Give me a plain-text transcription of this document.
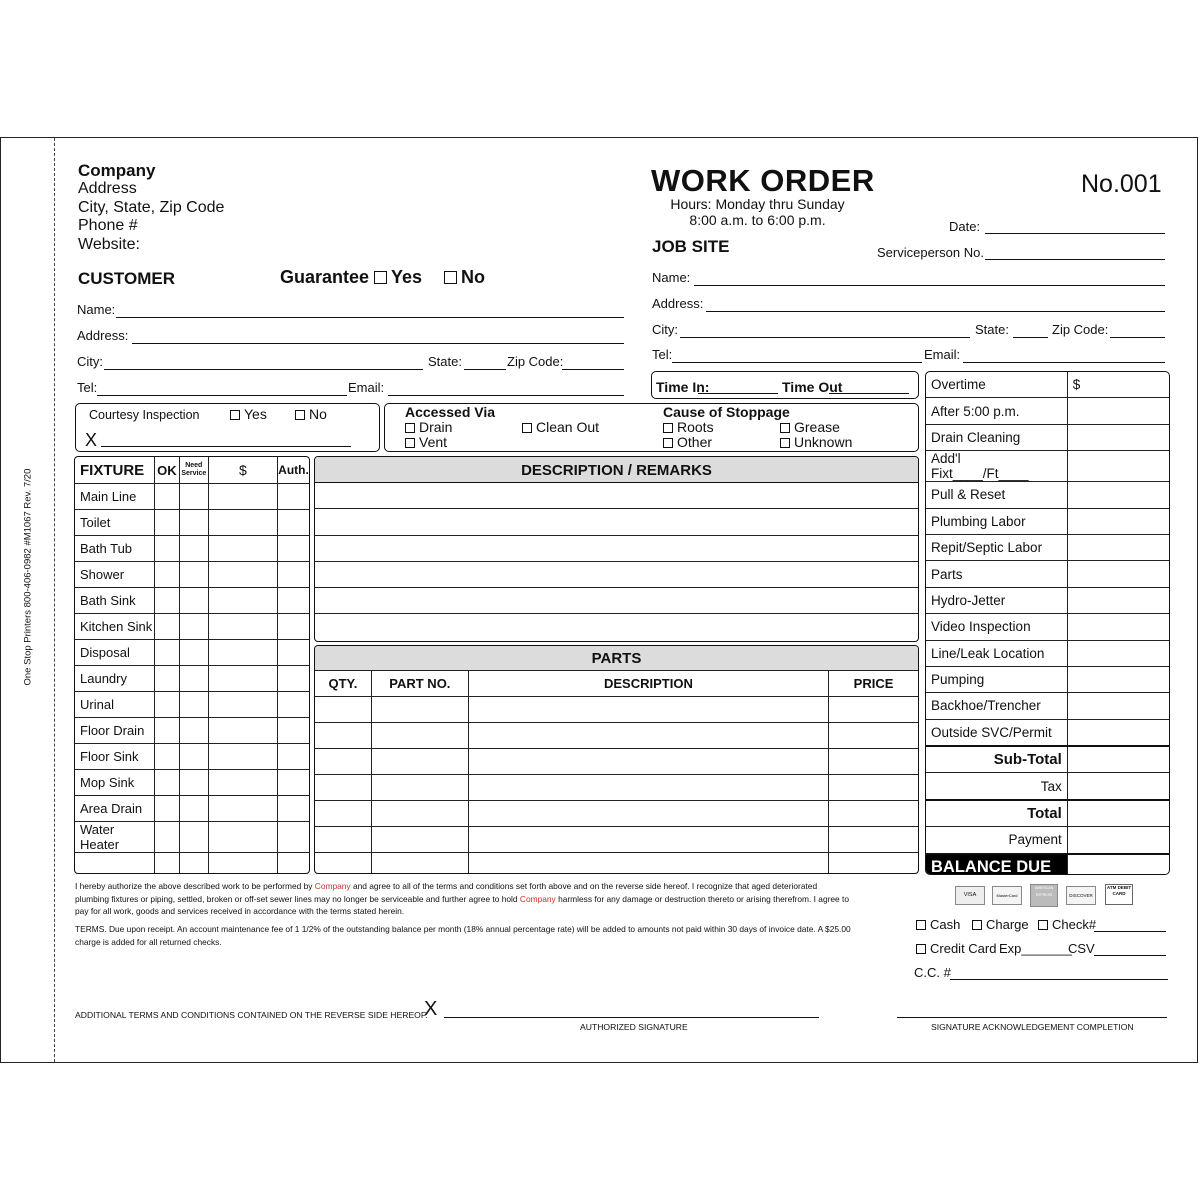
One Stop Printers 800-406-0982 #M1067 Rev. 7/20
Company
Address
City, State, Zip Code
Phone #
Website:
WORK ORDER
Hours: Monday thru Sunday
8:00 a.m. to 6:00 p.m.
No.001
Date:
Serviceperson No.
CUSTOMER	Guarantee	Yes	No
Name:
Address:
City:	State:	Zip Code:
Tel:	Email:
JOB SITE
Name:
Address:
City:	State:	Zip Code:
Tel:	Email:
Time In:	Time Out
Courtesy Inspection	Yes	No
X
Accessed Via
Drain	Clean Out
Vent
Cause of Stoppage
Roots	Grease
Other	Unknown
FIXTURE	OK	Need Service	$	Auth.
Main Line				
Toilet				
Bath Tub				
Shower				
Bath Sink				
Kitchen Sink				
Disposal				
Laundry				
Urinal				
Floor Drain				
Floor Sink				
Mop Sink				
Area Drain				
Water Heater				

DESCRIPTION / REMARKS
PARTS
QTY.	PART NO.	DESCRIPTION	PRICE

Overtime	$
After 5:00 p.m.	
Drain Cleaning	
Add'l Fixt____/Ft____	
Pull & Reset	
Plumbing Labor	
Repit/Septic Labor	
Parts	
Hydro-Jetter	
Video Inspection	
Line/Leak Location	
Pumping	
Backhoe/Trencher	
Outside SVC/Permit	
Sub-Total	
Tax	
Total	
Payment	
BALANCE DUE	
VISA	MasterCard
AMERICAN EXPRESS	DISCOVER
ATM DEBIT CARD
Cash	Charge	Check#
Credit Card Exp_______
CSV
C.C. #
I hereby authorize the above described work to be performed by Company and agree to all of the terms and conditions set forth above and on the reverse side hereof. I recognize that aged deteriorated plumbing fixtures or piping, settled, broken or off-set sewer lines may no longer be serviceable and further agree to hold Company harmless for any damage or destruction thereto or arising therefrom. I agree to pay for all work, goods and services received in accordance with the terms stated herein.
TERMS. Due upon receipt. An account maintenance fee of 1 1/2% of the outstanding balance per month (18% annual percentage rate) will be added to amounts not paid within 30 days of invoice date. A $25.00 charge is added for all returned checks.
ADDITIONAL TERMS AND CONDITIONS CONTAINED ON THE REVERSE SIDE HEREOF.
X
AUTHORIZED SIGNATURE	SIGNATURE ACKNOWLEDGEMENT COMPLETION
